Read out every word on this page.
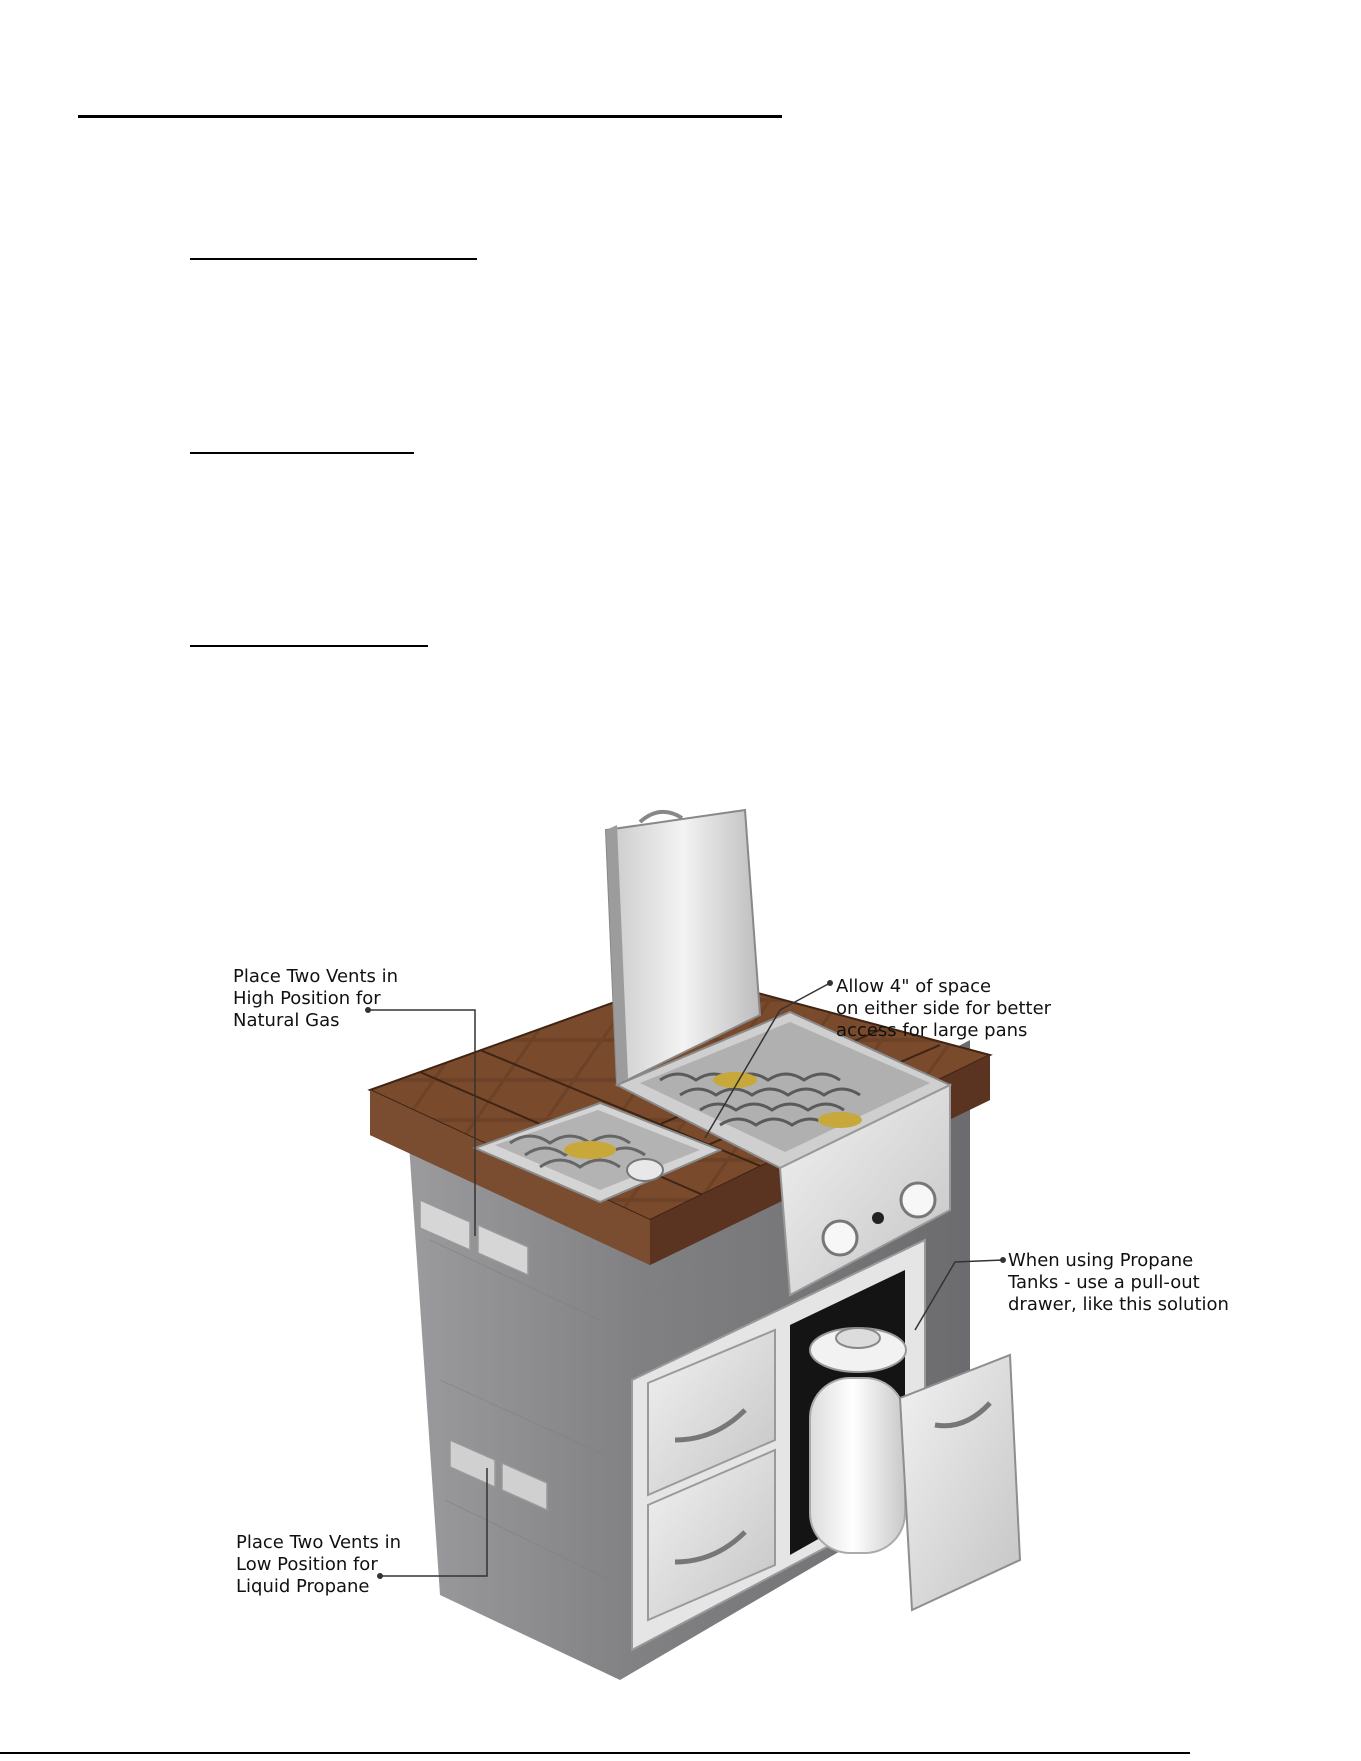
Place Two Vents in
High Position for
Natural Gas

Allow 4" of space
on either side for better
access for large pans

When using Propane
Tanks - use a pull-out
drawer, like this solution

Place Two Vents in
Low Position for
Liquid Propane
